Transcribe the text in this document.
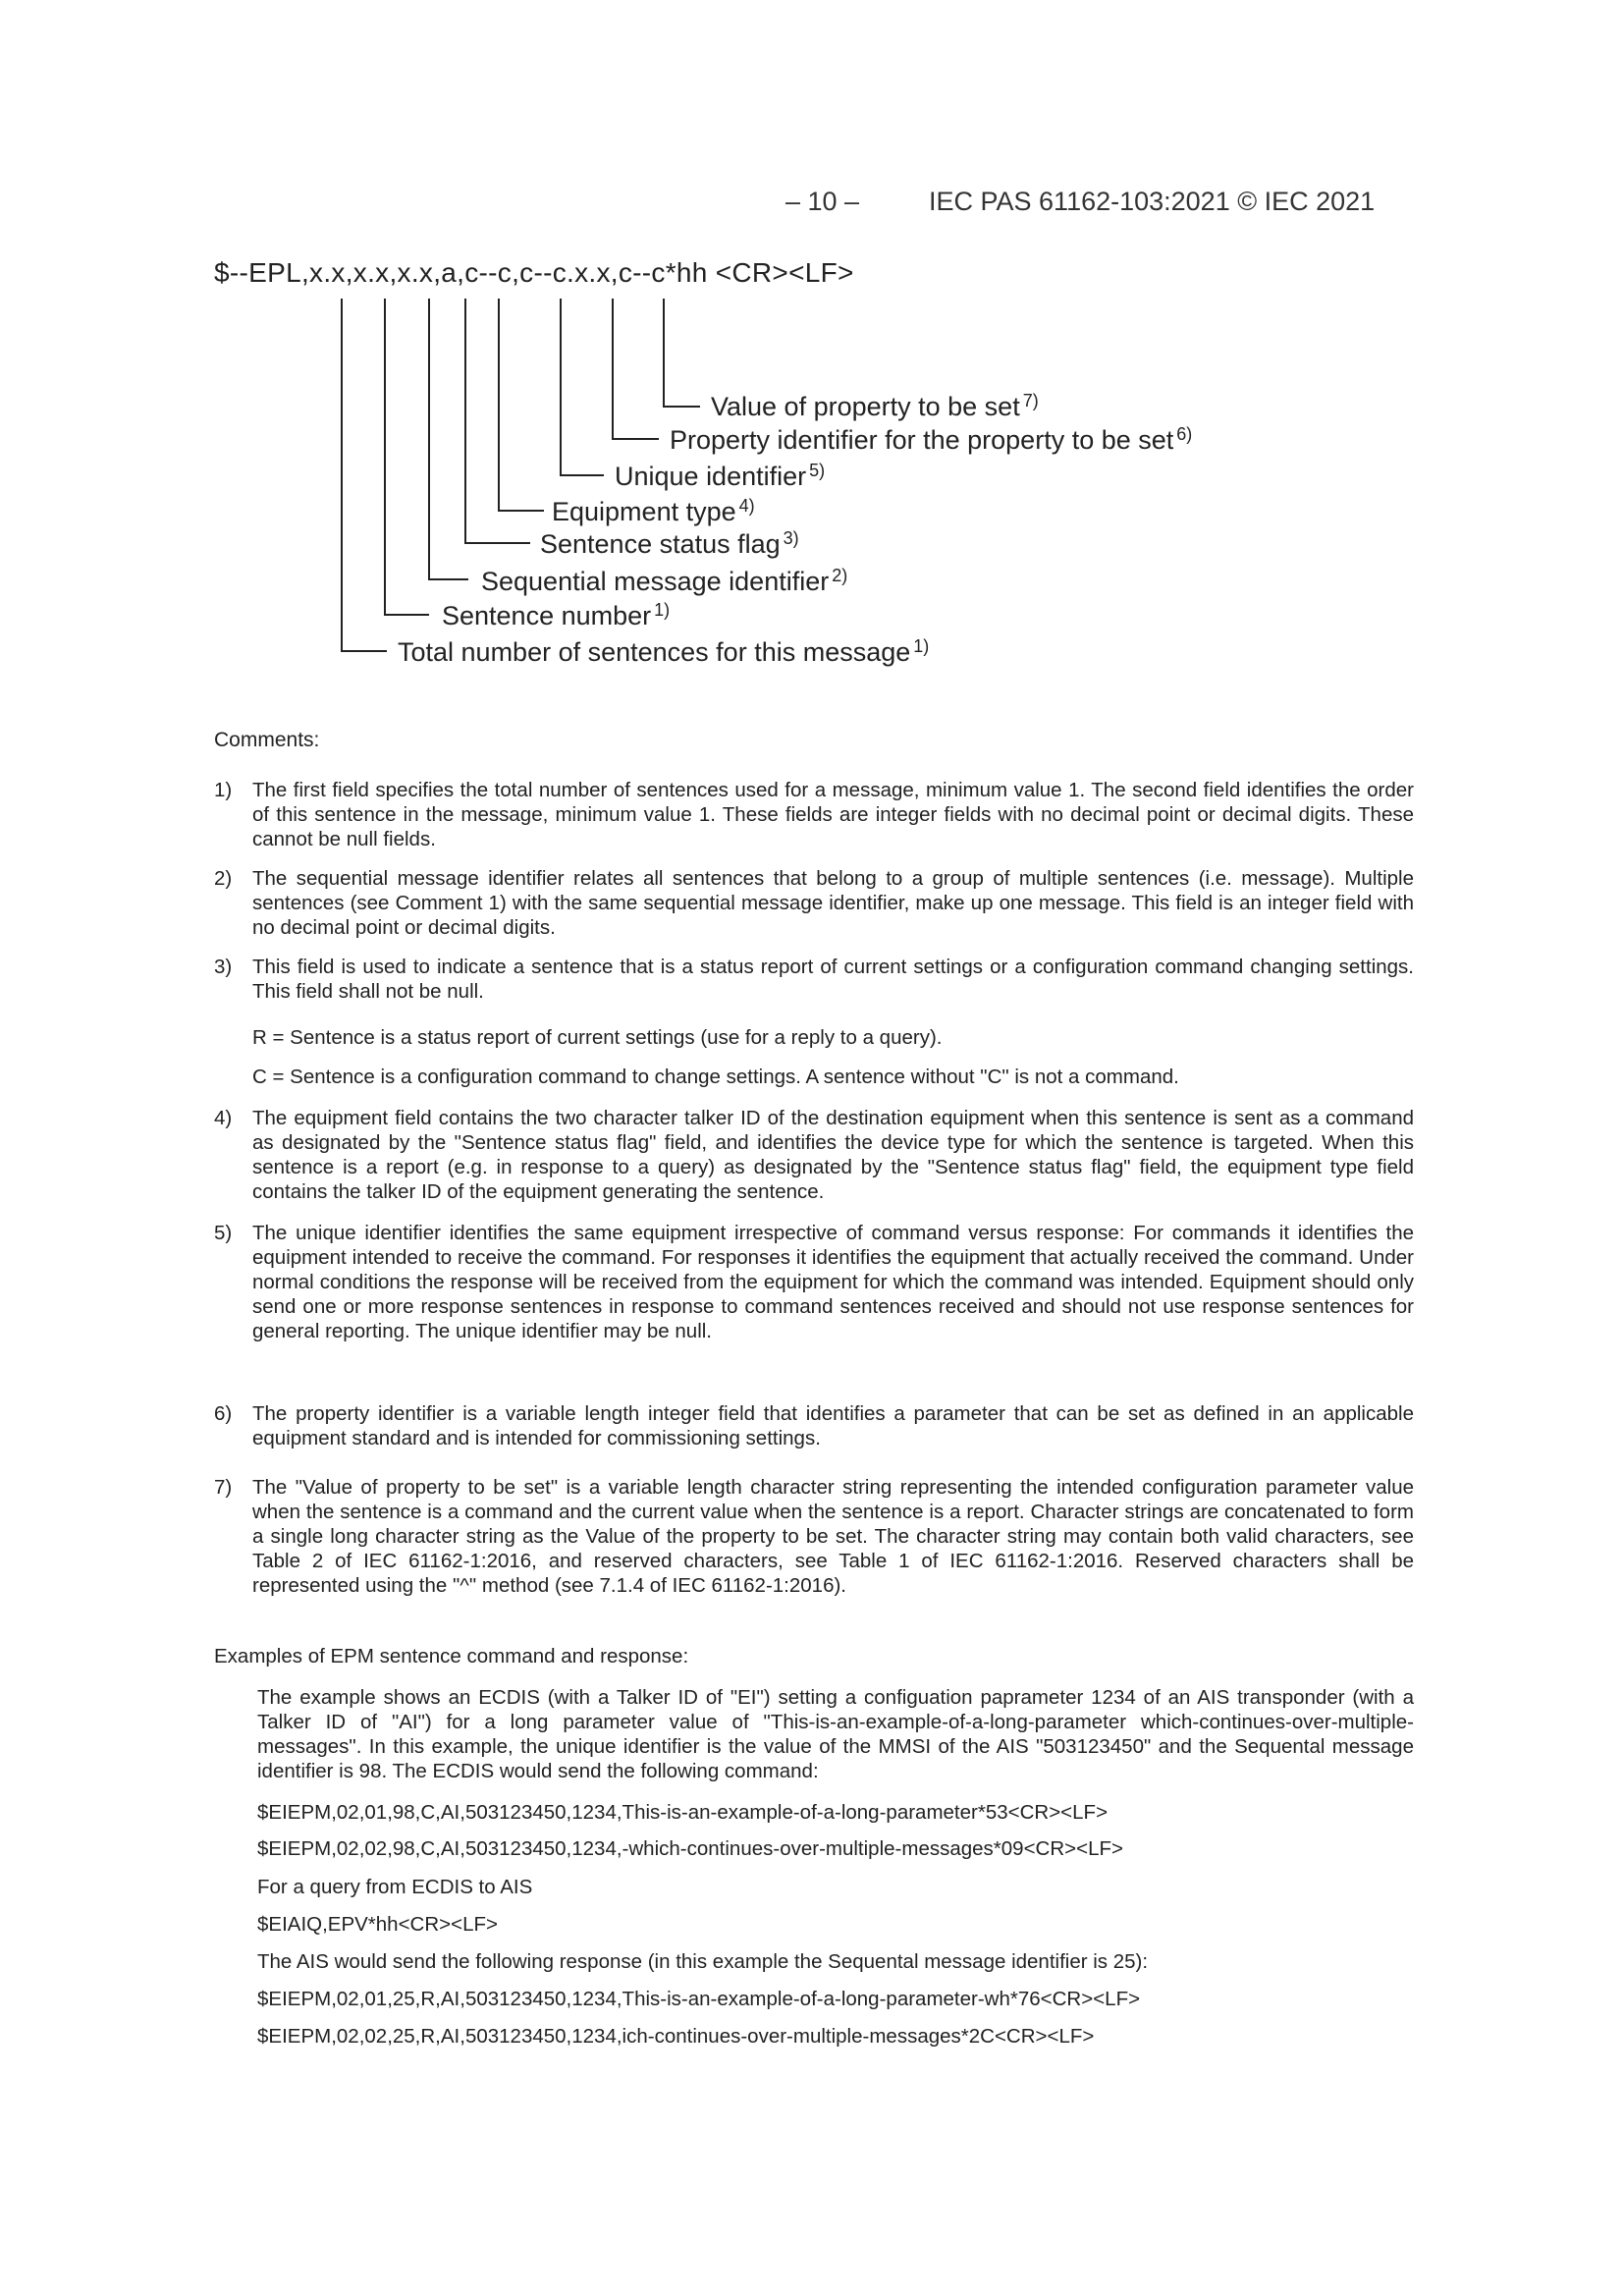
– 10 –	IEC PAS 61162-103:2021 © IEC 2021
$--EPL,x.x,x.x,x.x,a,c--c,c--c.x.x,c--c*hh <CR><LF>
Value of property to be set $^{7)}$
Property identifier for the property to be set $^{6)}$
Unique identifier $^{5)}$
Equipment type $^{4)}$
Sentence status flag $^{3)}$
Sequential message identifier $^{2)}$
Sentence number $^{1)}$
Total number of sentences for this message $^{1)}$
Comments:
1) The first field specifies the total number of sentences used for a message, minimum value 1. The second field identifies the order of this sentence in the message, minimum value 1. These fields are integer fields with no decimal point or decimal digits. These cannot be null fields.
2) The sequential message identifier relates all sentences that belong to a group of multiple sentences (i.e. message). Multiple sentences (see Comment 1) with the same sequential message identifier, make up one message. This field is an integer field with no decimal point or decimal digits.
3) This field is used to indicate a sentence that is a status report of current settings or a configuration command changing settings. This field shall not be null.
R = Sentence is a status report of current settings (use for a reply to a query).
C = Sentence is a configuration command to change settings. A sentence without "C" is not a command.
4) The equipment field contains the two character talker ID of the destination equipment when this sentence is sent as a command as designated by the "Sentence status flag" field, and identifies the device type for which the sentence is targeted. When this sentence is a report (e.g. in response to a query) as designated by the "Sentence status flag" field, the equipment type field contains the talker ID of the equipment generating the sentence.
5) The unique identifier identifies the same equipment irrespective of command versus response: For commands it identifies the equipment intended to receive the command. For responses it identifies the equipment that actually received the command. Under normal conditions the response will be received from the equipment for which the command was intended. Equipment should only send one or more response sentences in response to command sentences received and should not use response sentences for general reporting. The unique identifier may be null.
6) The property identifier is a variable length integer field that identifies a parameter that can be set as defined in an applicable equipment standard and is intended for commissioning settings.
7) The "Value of property to be set" is a variable length character string representing the intended configuration parameter value when the sentence is a command and the current value when the sentence is a report. Character strings are concatenated to form a single long character string as the Value of the property to be set. The character string may contain both valid characters, see Table 2 of IEC 61162-1:2016, and reserved characters, see Table 1 of IEC 61162-1:2016. Reserved characters shall be represented using the "^" method (see 7.1.4 of IEC 61162-1:2016).
Examples of EPM sentence command and response:
The example shows an ECDIS (with a Talker ID of "EI") setting a configuation paprameter 1234 of an AIS transponder (with a Talker ID of "AI") for a long parameter value of "This-is-an-example-of-a-long-parameter which-continues-over-multiple-messages". In this example, the unique identifier is the value of the MMSI of the AIS "503123450" and the Sequental message identifier is 98. The ECDIS would send the following command:
$EIEPM,02,01,98,C,AI,503123450,1234,This-is-an-example-of-a-long-parameter*53<CR><LF>
$EIEPM,02,02,98,C,AI,503123450,1234,-which-continues-over-multiple-messages*09<CR><LF>
For a query from ECDIS to AIS
$EIAIQ,EPV*hh<CR><LF>
The AIS would send the following response (in this example the Sequental message identifier is 25):
$EIEPM,02,01,25,R,AI,503123450,1234,This-is-an-example-of-a-long-parameter-wh*76<CR><LF>
$EIEPM,02,02,25,R,AI,503123450,1234,ich-continues-over-multiple-messages*2C<CR><LF>
